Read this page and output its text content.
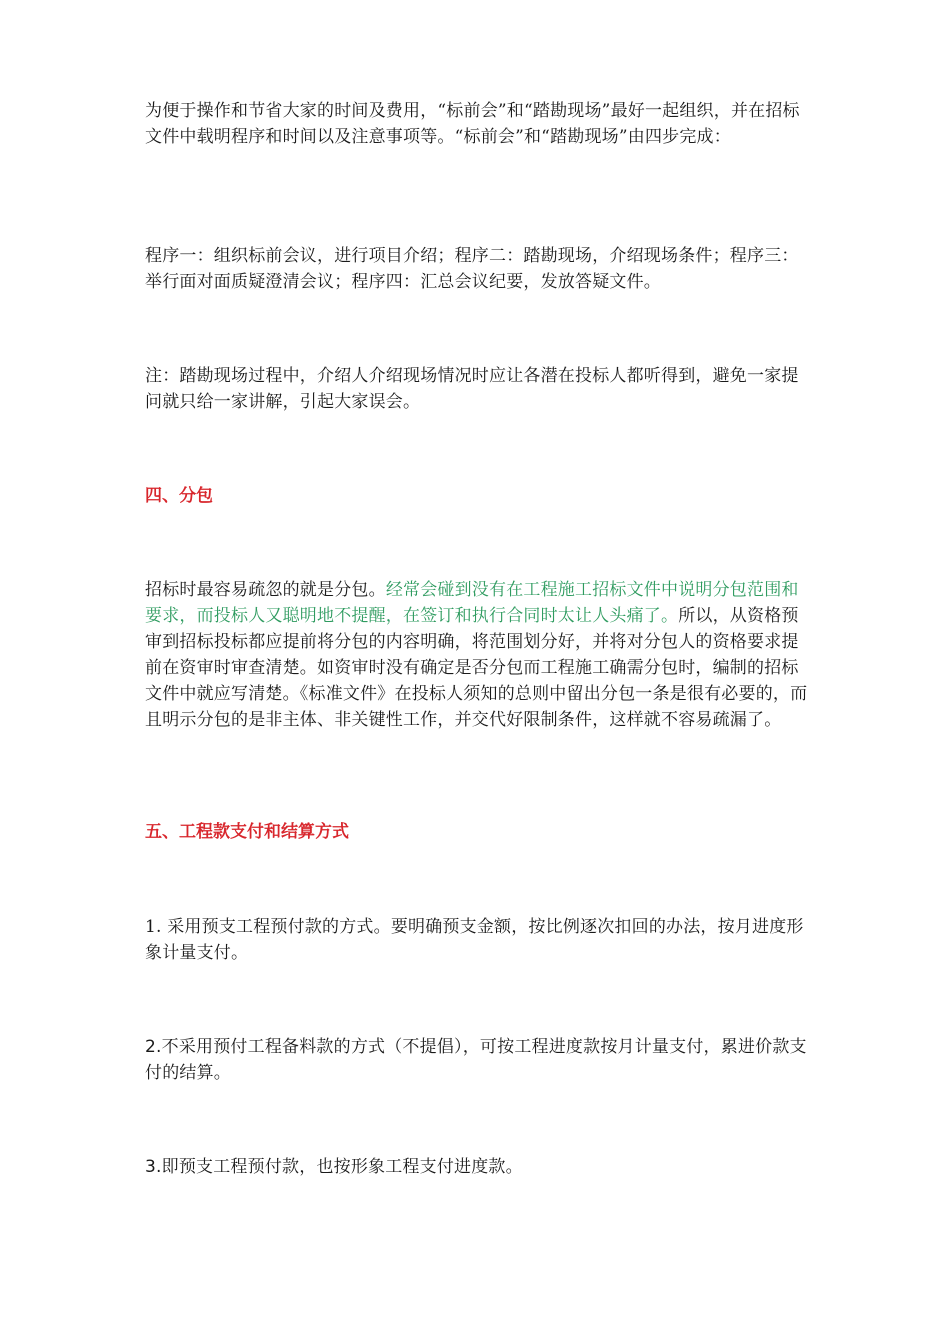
为便于操作和节省大家的时间及费用，“标前会”和“踏勘现场”最好一起组织，并在招标文件中载明程序和时间以及注意事项等。“标前会”和“踏勘现场”由四步完成：

程序一：组织标前会议，进行项目介绍；程序二：踏勘现场，介绍现场条件；程序三：举行面对面质疑澄清会议；程序四：汇总会议纪要，发放答疑文件。

注：踏勘现场过程中，介绍人介绍现场情况时应让各潜在投标人都听得到，避免一家提问就只给一家讲解，引起大家误会。

四、分包

招标时最容易疏忽的就是分包。经常会碰到没有在工程施工招标文件中说明分包范围和要求，而投标人又聪明地不提醒，在签订和执行合同时太让人头痛了。所以，从资格预审到招标投标都应提前将分包的内容明确，将范围划分好，并将对分包人的资格要求提前在资审时审查清楚。如资审时没有确定是否分包而工程施工确需分包时，编制的招标文件中就应写清楚。《标准文件》在投标人须知的总则中留出分包一条是很有必要的，而且明示分包的是非主体、非关键性工作，并交代好限制条件，这样就不容易疏漏了。

五、工程款支付和结算方式

1. 采用预支工程预付款的方式。要明确预支金额，按比例逐次扣回的办法，按月进度形象计量支付。

2.不采用预付工程备料款的方式（不提倡），可按工程进度款按月计量支付，累进价款支付的结算。

3.即预支工程预付款，也按形象工程支付进度款。
